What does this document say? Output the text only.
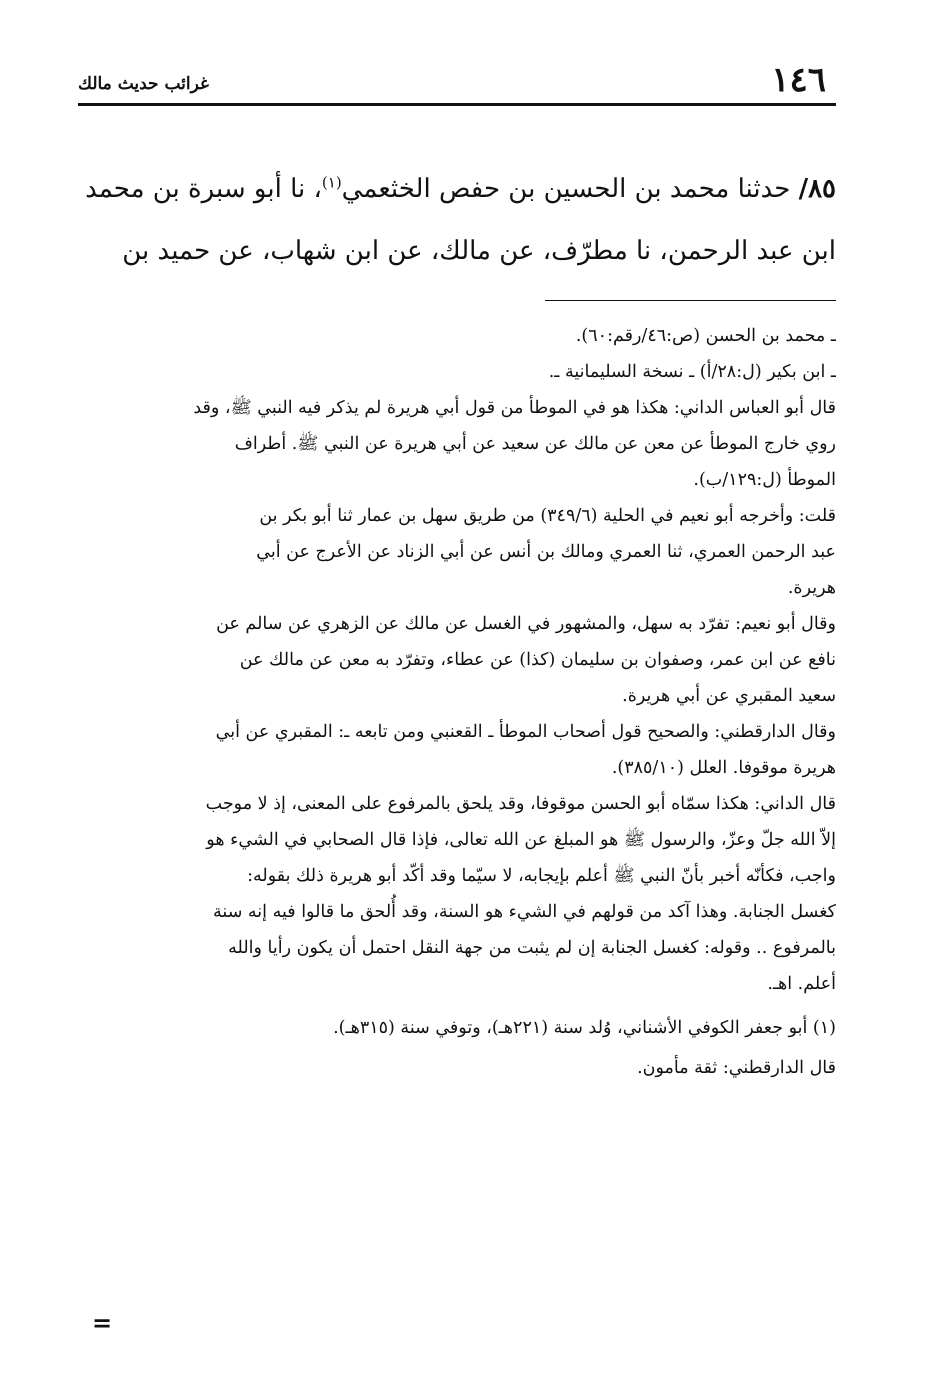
١٤٦
غرائب حديث مالك
٨٥/ حدثنا محمد بن الحسين بن حفص الخثعمي$^{(١)}$، نا أبو سبرة بن محمد
ابن عبد الرحمن، نا مطرّف، عن مالك، عن ابن شهاب، عن حميد بن
ـ محمد بن الحسن (ص:٤٦/رقم:٦٠).
ـ ابن بكير (ل:٢٨/أ) ـ نسخة السليمانية ـ.
قال أبو العباس الداني: هكذا هو في الموطأ من قول أبي هريرة لم يذكر فيه النبي ﷺ، وقد
روي خارج الموطأ عن معن عن مالك عن سعيد عن أبي هريرة عن النبي ﷺ. أطراف
الموطأ (ل:١٢٩/ب).
قلت: وأخرجه أبو نعيم في الحلية (٣٤٩/٦) من طريق سهل بن عمار ثنا أبو بكر بن
عبد الرحمن العمري، ثنا العمري ومالك بن أنس عن أبي الزناد عن الأعرج عن أبي
هريرة.
وقال أبو نعيم: تفرّد به سهل، والمشهور في الغسل عن مالك عن الزهري عن سالم عن
نافع عن ابن عمر، وصفوان بن سليمان (كذا) عن عطاء، وتفرّد به معن عن مالك عن
سعيد المقبري عن أبي هريرة.
وقال الدارقطني: والصحيح قول أصحاب الموطأ ـ القعنبي ومن تابعه ـ: المقبري عن أبي
هريرة موقوفا. العلل (٣٨٥/١٠).
قال الداني: هكذا سمّاه أبو الحسن موقوفا، وقد يلحق بالمرفوع على المعنى، إذ لا موجب
إلاّ الله جلّ وعزّ، والرسول ﷺ هو المبلغ عن الله تعالى، فإذا قال الصحابي في الشيء هو
واجب، فكأنّه أخبر بأنّ النبي ﷺ أعلم بإيجابه، لا سيّما وقد أكّد أبو هريرة ذلك بقوله:
كغسل الجنابة. وهذا آكد من قولهم في الشيء هو السنة، وقد أُلحق ما قالوا فيه إنه سنة
بالمرفوع .. وقوله: كغسل الجنابة إن لم يثبت من جهة النقل احتمل أن يكون رأيا والله
أعلم. اهـ.
(١) أبو جعفر الكوفي الأشناني، وُلد سنة (٢٢١هـ)، وتوفي سنة (٣١٥هـ).
قال الدارقطني: ثقة مأمون.
=
